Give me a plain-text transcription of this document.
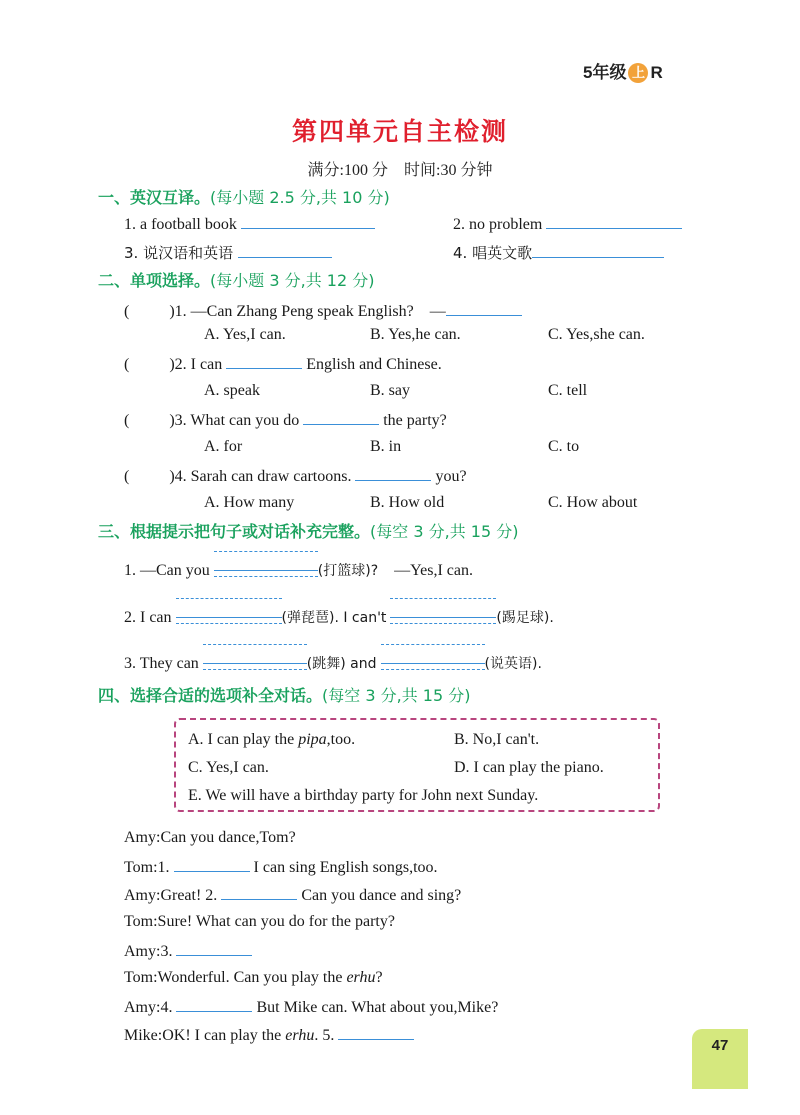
5年级 上 R
第四单元自主检测
满分:100 分　时间:30 分钟
一、英汉互译。(每小题 2.5 分,共 10 分)
1. a football book	2. no problem
3. 说汉语和英语	4. 唱英文歌
二、单项选择。(每小题 3 分,共 12 分)
(	)1. —Can Zhang Peng speak English?　—
A. Yes,I can.	B. Yes,he can.	C. Yes,she can.
(	)2. I can	English and Chinese.
A. speak	B. say	C. tell
(	)3. What can you do	the party?
A. for	B. in	C. to
(	)4. Sarah can draw cartoons.	you?
A. How many	B. How old	C. How about
三、根据提示把句子或对话补充完整。(每空 3 分,共 15 分)
1. —Can you	(打篮球)?　 —Yes,I can.
2. I can	(弹琵琶). I can't	(踢足球).
3. They can	(跳舞) and	(说英语).
四、选择合适的选项补全对话。(每空 3 分,共 15 分)
A. I can play the pipa,too.	B. No,I can't.
C. Yes,I can.	D. I can play the piano.
E. We will have a birthday party for John next Sunday.
Amy:Can you dance,Tom?
Tom:1.	I can sing English songs,too.
Amy:Great! 2.	Can you dance and sing?
Tom:Sure! What can you do for the party?
Amy:3.
Tom:Wonderful. Can you play the erhu?
Amy:4.	But Mike can. What about you,Mike?
Mike:OK! I can play the erhu. 5.
47
